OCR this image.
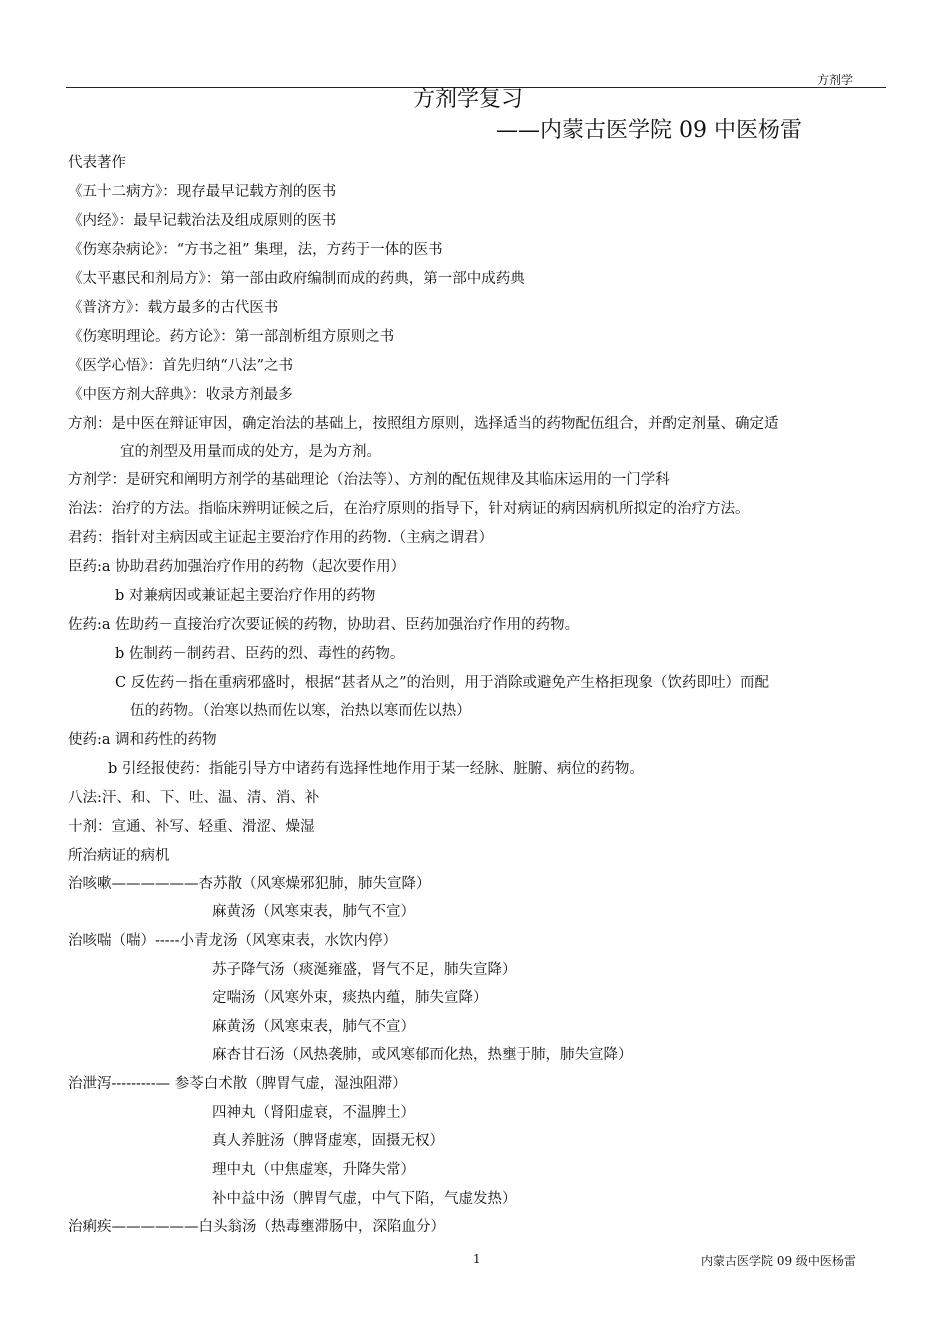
方剂学
方剂学复习
——内蒙古医学院 09 中医杨雷
代表著作
《五十二病方》：现存最早记载方剂的医书
《内经》：最早记载治法及组成原则的医书
《伤寒杂病论》：“方书之祖” 集理，法，方药于一体的医书
《太平惠民和剂局方》：第一部由政府编制而成的药典，第一部中成药典
《普济方》：载方最多的古代医书
《伤寒明理论。药方论》：第一部剖析组方原则之书
《医学心悟》：首先归纳“八法”之书
《中医方剂大辞典》：收录方剂最多
方剂：是中医在辩证审因，确定治法的基础上，按照组方原则，选择适当的药物配伍组合，并酌定剂量、确定适
宜的剂型及用量而成的处方，是为方剂。
方剂学：是研究和阐明方剂学的基础理论（治法等）、方剂的配伍规律及其临床运用的一门学科
治法：治疗的方法。指临床辨明证候之后，在治疗原则的指导下，针对病证的病因病机所拟定的治疗方法。
君药：指针对主病因或主证起主要治疗作用的药物.（主病之谓君）
臣药:a 协助君药加强治疗作用的药物（起次要作用）
b 对兼病因或兼证起主要治疗作用的药物
佐药:a 佐助药－直接治疗次要证候的药物，协助君、臣药加强治疗作用的药物。
b 佐制药－制药君、臣药的烈、毒性的药物。
C 反佐药－指在重病邪盛时，根据“甚者从之”的治则，用于消除或避免产生格拒现象（饮药即吐）而配
伍的药物。（治寒以热而佐以寒，治热以寒而佐以热）
使药:a 调和药性的药物
b 引经报使药：指能引导方中诸药有选择性地作用于某一经脉、脏腑、病位的药物。
八法:汗、和、下、吐、温、清、消、补
十剂：宣通、补写、轻重、滑涩、燥湿
所治病证的病机
治咳嗽——————杏苏散（风寒燥邪犯肺，肺失宣降）
麻黄汤（风寒束表，肺气不宣）
治咳喘（喘）-----小青龙汤（风寒束表，水饮内停）
苏子降气汤（痰涎雍盛，肾气不足，肺失宣降）
定喘汤（风寒外束，痰热内蕴，肺失宣降）
麻黄汤（风寒束表，肺气不宣）
麻杏甘石汤（风热袭肺，或风寒郁而化热，热壅于肺，肺失宣降）
治泄泻---------— 参苓白术散（脾胃气虚，湿浊阻滞）
四神丸（肾阳虚衰，不温脾土）
真人养脏汤（脾肾虚寒，固摄无权）
理中丸（中焦虚寒，升降失常）
补中益中汤（脾胃气虚，中气下陷，气虚发热）
治痢疾——————白头翁汤（热毒壅滞肠中，深陷血分）
1	内蒙古医学院 09 级中医杨雷
